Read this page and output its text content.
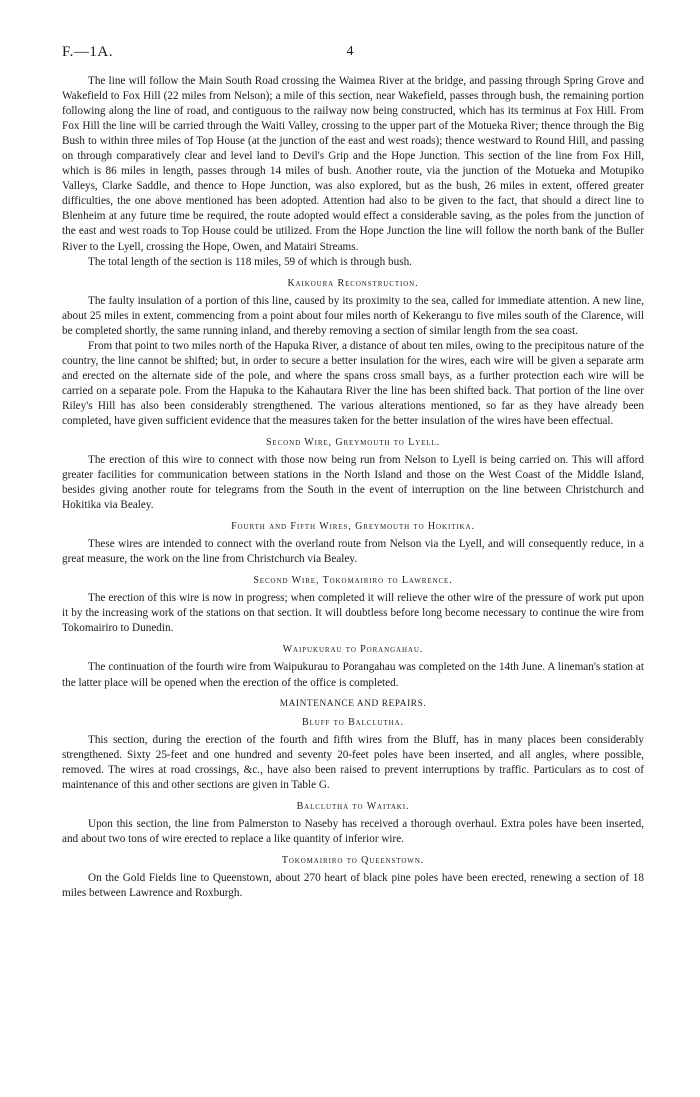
F.—1A.	4

The line will follow the Main South Road crossing the Waimea River at the bridge, and passing through Spring Grove and Wakefield to Fox Hill (22 miles from Nelson); a mile of this section, near Wakefield, passes through bush, the remaining portion following along the line of road, and contiguous to the railway now being constructed, which has its terminus at Fox Hill. From Fox Hill the line will be carried through the Waiti Valley, crossing to the upper part of the Motueka River; thence through the Big Bush to within three miles of Top House (at the junction of the east and west roads); thence westward to Round Hill, and passing on through comparatively clear and level land to Devil's Grip and the Hope Junction. This section of the line from Fox Hill, which is 86 miles in length, passes through 14 miles of bush. Another route, via the junction of the Motueka and Motupiko Valleys, Clarke Saddle, and thence to Hope Junction, was also explored, but as the bush, 26 miles in extent, offered greater difficulties, the one above mentioned has been adopted. Attention had also to be given to the fact, that should a direct line to Blenheim at any future time be required, the route adopted would effect a considerable saving, as the poles from the junction of the east and west roads to Top House could be utilized. From the Hope Junction the line will follow the north bank of the Buller River to the Lyell, crossing the Hope, Owen, and Matairi Streams.

The total length of the section is 118 miles, 59 of which is through bush.

Kaikoura Reconstruction.

The faulty insulation of a portion of this line, caused by its proximity to the sea, called for immediate attention. A new line, about 25 miles in extent, commencing from a point about four miles north of Kekerangu to five miles south of the Clarence, will be completed shortly, the same running inland, and thereby removing a section of similar length from the sea coast.

From that point to two miles north of the Hapuka River, a distance of about ten miles, owing to the precipitous nature of the country, the line cannot be shifted; but, in order to secure a better insulation for the wires, each wire will be given a separate arm and erected on the alternate side of the pole, and where the spans cross small bays, as a further protection each wire will be carried on a separate pole. From the Hapuka to the Kahautara River the line has been shifted back. That portion of the line over Riley's Hill has also been considerably strengthened. The various alterations mentioned, so far as they have already been completed, have given sufficient evidence that the measures taken for the better insulation of the wires have been effectual.

Second Wire, Greymouth to Lyell.

The erection of this wire to connect with those now being run from Nelson to Lyell is being carried on. This will afford greater facilities for communication between stations in the North Island and those on the West Coast of the Middle Island, besides giving another route for telegrams from the South in the event of interruption on the line between Christchurch and Hokitika via Bealey.

Fourth and Fifth Wires, Greymouth to Hokitika.

These wires are intended to connect with the overland route from Nelson via the Lyell, and will consequently reduce, in a great measure, the work on the line from Christchurch via Bealey.

Second Wire, Tokomairiro to Lawrence.

The erection of this wire is now in progress; when completed it will relieve the other wire of the pressure of work put upon it by the increasing work of the stations on that section. It will doubtless before long become necessary to continue the wire from Tokomairiro to Dunedin.

Waipukurau to Porangahau.

The continuation of the fourth wire from Waipukurau to Porangahau was completed on the 14th June. A lineman's station at the latter place will be opened when the erection of the office is completed.

MAINTENANCE AND REPAIRS.
Bluff to Balclutha.

This section, during the erection of the fourth and fifth wires from the Bluff, has in many places been considerably strengthened. Sixty 25-feet and one hundred and seventy 20-feet poles have been inserted, and all angles, where possible, removed. The wires at road crossings, &c., have also been raised to prevent interruptions by traffic. Particulars as to cost of maintenance of this and other sections are given in Table G.

Balclutha to Waitaki.

Upon this section, the line from Palmerston to Naseby has received a thorough overhaul. Extra poles have been inserted, and about two tons of wire erected to replace a like quantity of inferior wire.

Tokomairiro to Queenstown.

On the Gold Fields line to Queenstown, about 270 heart of black pine poles have been erected, renewing a section of 18 miles between Lawrence and Roxburgh.
